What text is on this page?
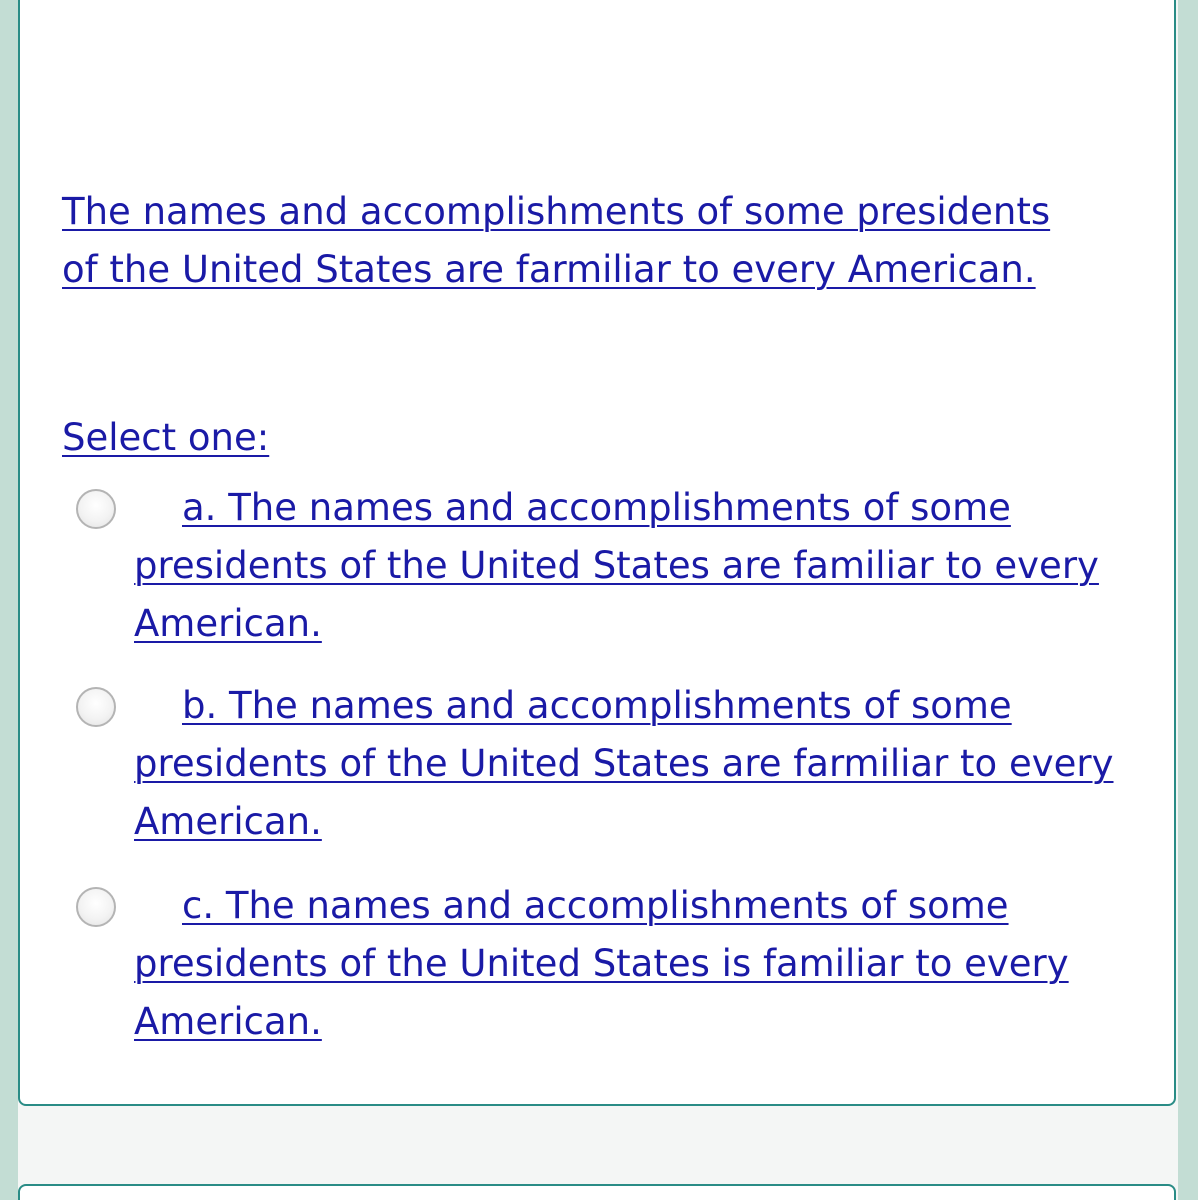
The names and accomplishments of some presidents of the United States are farmiliar to every American.

Select one:

a. The names and accomplishments of some presidents of the United States are familiar to every American.

b. The names and accomplishments of some presidents of the United States are farmiliar to every American.

c. The names and accomplishments of some presidents of the United States is familiar to every American.
